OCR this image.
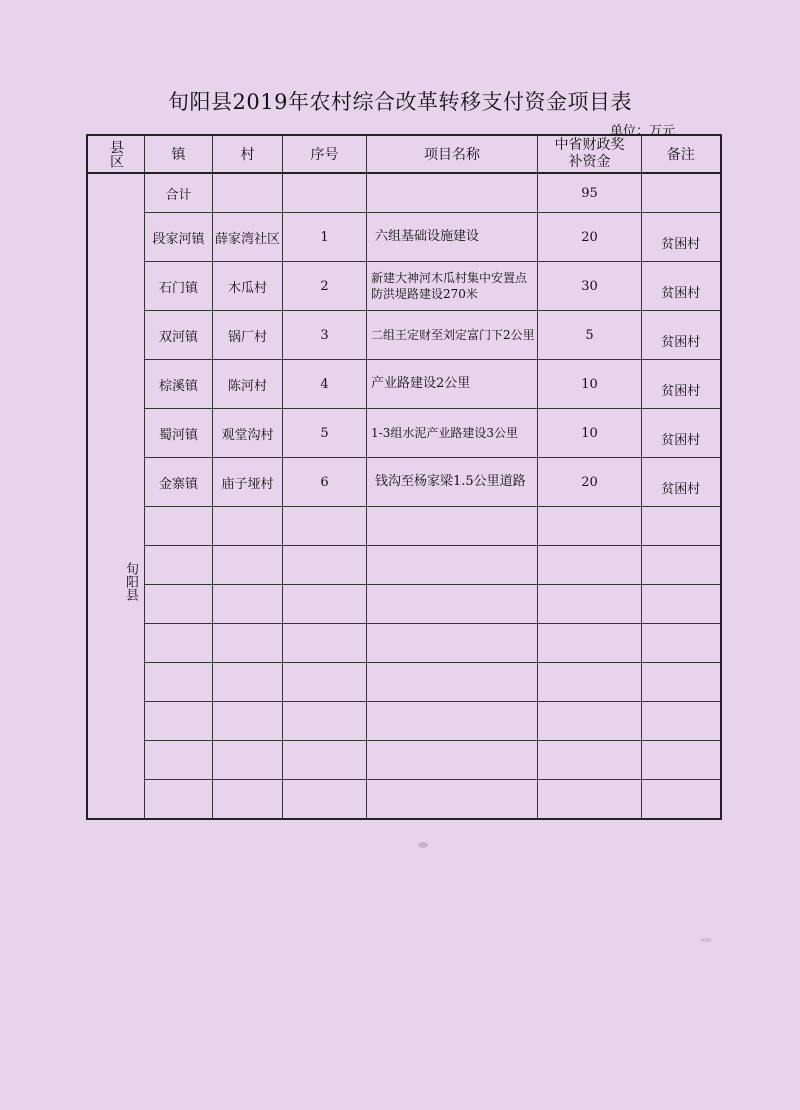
旬阳县2019年农村综合改革转移支付资金项目表
单位：万元
县区	镇	村	序号	项目名称	中省财政奖补资金	备注
旬阳县	合计				95	
	段家河镇	薛家湾社区	1	六组基础设施建设	20	贫困村
	石门镇	木瓜村	2	新建大神河木瓜村集中安置点防洪堤路建设270米	30	贫困村
	双河镇	锅厂村	3	二组王定财至刘定富门下2公里	5	贫困村
	棕溪镇	陈河村	4	产业路建设2公里	10	贫困村
	蜀河镇	观堂沟村	5	1-3组水泥产业路建设3公里	10	贫困村
	金寨镇	庙子垭村	6	钱沟至杨家梁1.5公里道路	20	贫困村
